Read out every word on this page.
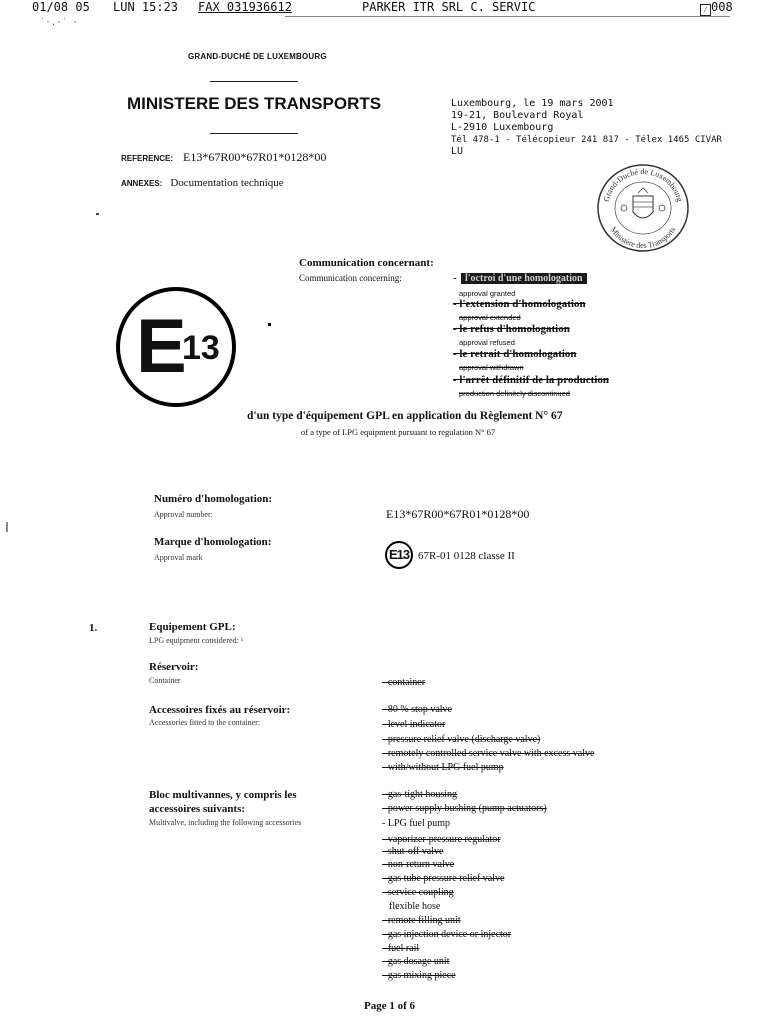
01/08 05 LUN 15:23 FAX 031936612	PARKER ITR SRL C. SERVIC	⁄ 008
˙·.·˙ ·
GRAND-DUCHÉ DE LUXEMBOURG
MINISTERE DES TRANSPORTS
REFERENCE: E13*67R00*67R01*0128*00
ANNEXES: Documentation technique
Luxembourg, le 19 mars 2001
19-21, Boulevard Royal
L-2910 Luxembourg
Tél 478-1 - Télécopieur 241 817 - Télex 1465 CIVAR
LU
Grand-Duché de Luxembourg
Ministère des Transports
E
13
Communication concernant:
Communication concerning:	- l'octroi d'une homologation
approval granted
- l'extension d'homologation
approval extended
- le refus d'homologation
approval refused
- le retrait d'homologation
approval withdrawn
- l'arrêt définitif de la production
production definitely discontinued
d'un type d'équipement GPL en application du Règlement N° 67
of a type of LPG equipment pursuant to regulation N° 67
Numéro d'homologation:
Approval number:	E13*67R00*67R01*0128*00
Marque d'homologation:
Approval mark	E13 67R-01 0128 classe II
1.	Equipement GPL:
LPG equipment considered: ¹
Réservoir:
Container	- container
Accessoires fixés au réservoir:
Accessories fitted to the container:
- 80 % stop valve
- level indicator
- pressure relief valve (discharge valve)
- remotely controlled service valve with excess valve
- with/without LPG fuel pump
Bloc multivannes, y compris les
accessoires suivants:
Multivalve, including the following accessories
- gas-tight housing
- power supply bushing (pump actuators)
- LPG fuel pump
- vaporizer-pressure regulator
- shut-off valve
- non-return valve
- gas tube pressure relief valve
- service coupling
flexible hose
- remote filling unit
- gas injection device or injector
- fuel rail
- gas dosage unit
- gas mixing piece
Page 1 of 6
